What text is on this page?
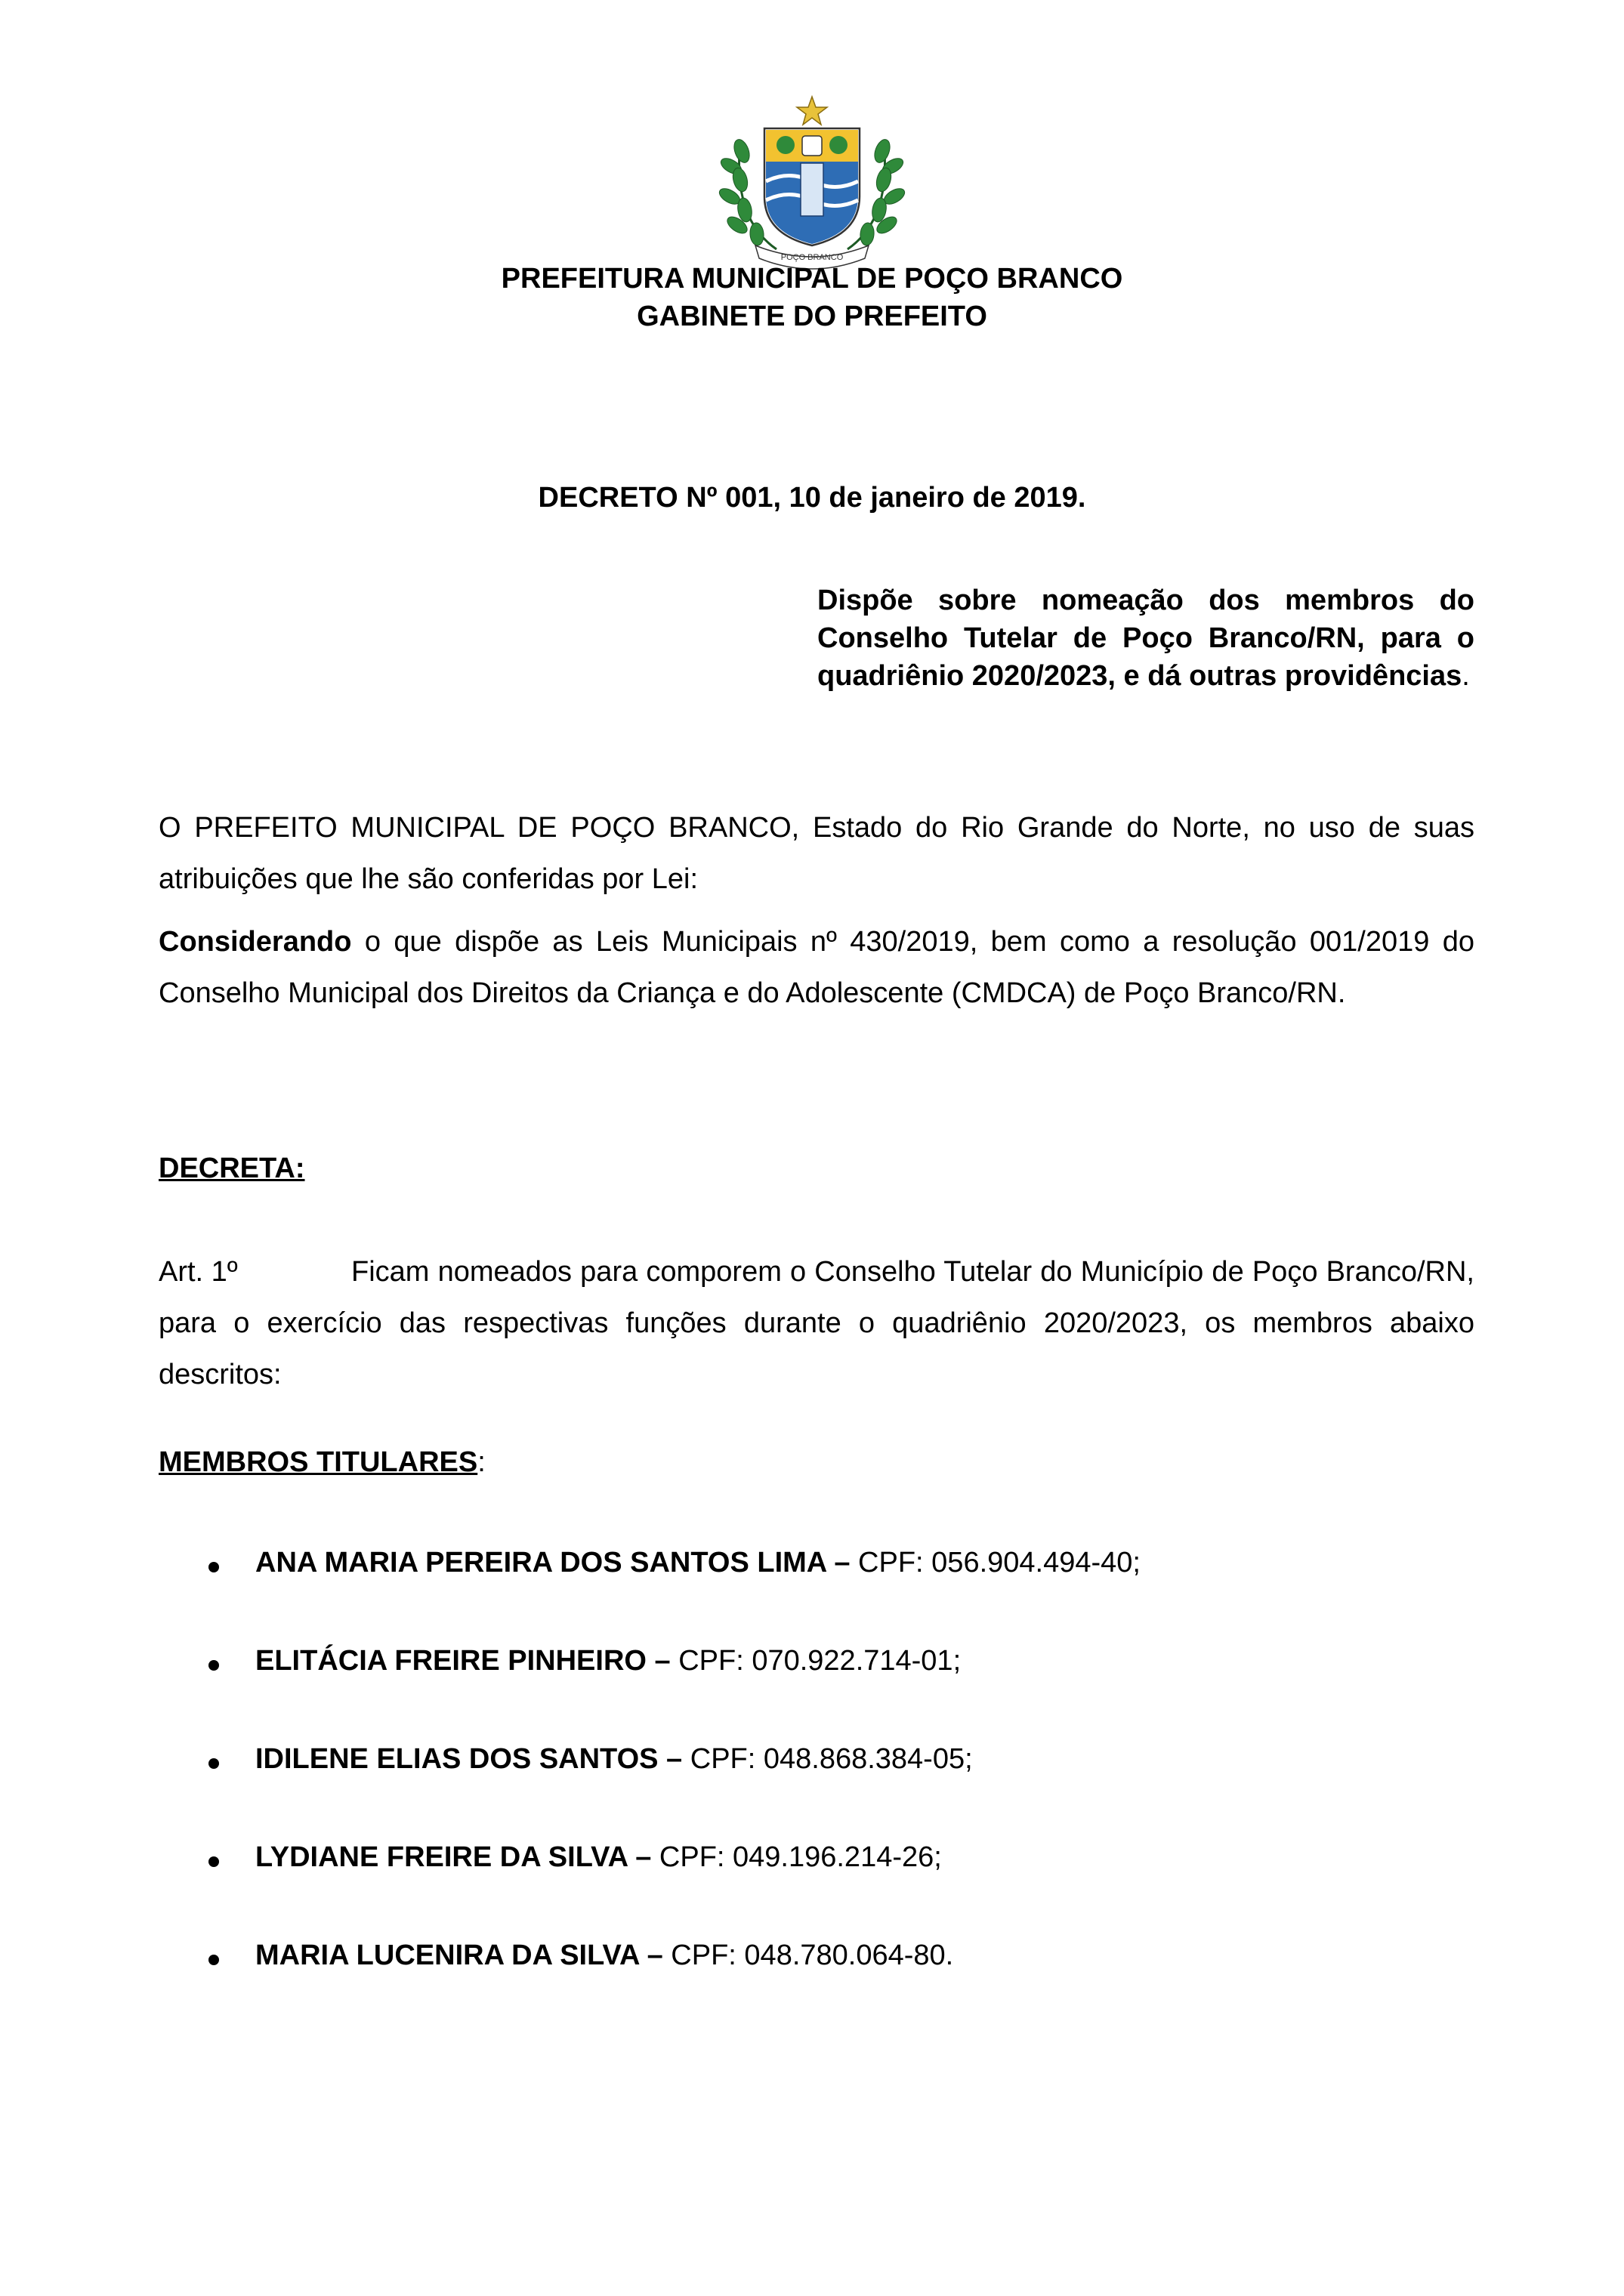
POÇO BRANCO
PREFEITURA MUNICIPAL DE POÇO BRANCO
GABINETE DO PREFEITO
DECRETO Nº 001, 10 de janeiro de 2019.
Dispõe sobre nomeação dos membros do Conselho Tutelar de Poço Branco/RN, para o quadriênio 2020/2023, e dá outras providências.
O PREFEITO MUNICIPAL DE POÇO BRANCO, Estado do Rio Grande do Norte, no uso de suas atribuições que lhe são conferidas por Lei:
Considerando o que dispõe as Leis Municipais nº 430/2019, bem como a resolução 001/2019 do Conselho Municipal dos Direitos da Criança e do Adolescente (CMDCA) de Poço Branco/RN.
DECRETA:
Art. 1º	Ficam nomeados para comporem o Conselho Tutelar do Município de Poço Branco/RN, para o exercício das respectivas funções durante o quadriênio 2020/2023, os membros abaixo descritos:
MEMBROS TITULARES:
ANA MARIA PEREIRA DOS SANTOS LIMA – CPF: 056.904.494-40;
ELITÁCIA FREIRE PINHEIRO – CPF: 070.922.714-01;
IDILENE ELIAS DOS SANTOS – CPF: 048.868.384-05;
LYDIANE FREIRE DA SILVA – CPF: 049.196.214-26;
MARIA LUCENIRA DA SILVA – CPF: 048.780.064-80.
